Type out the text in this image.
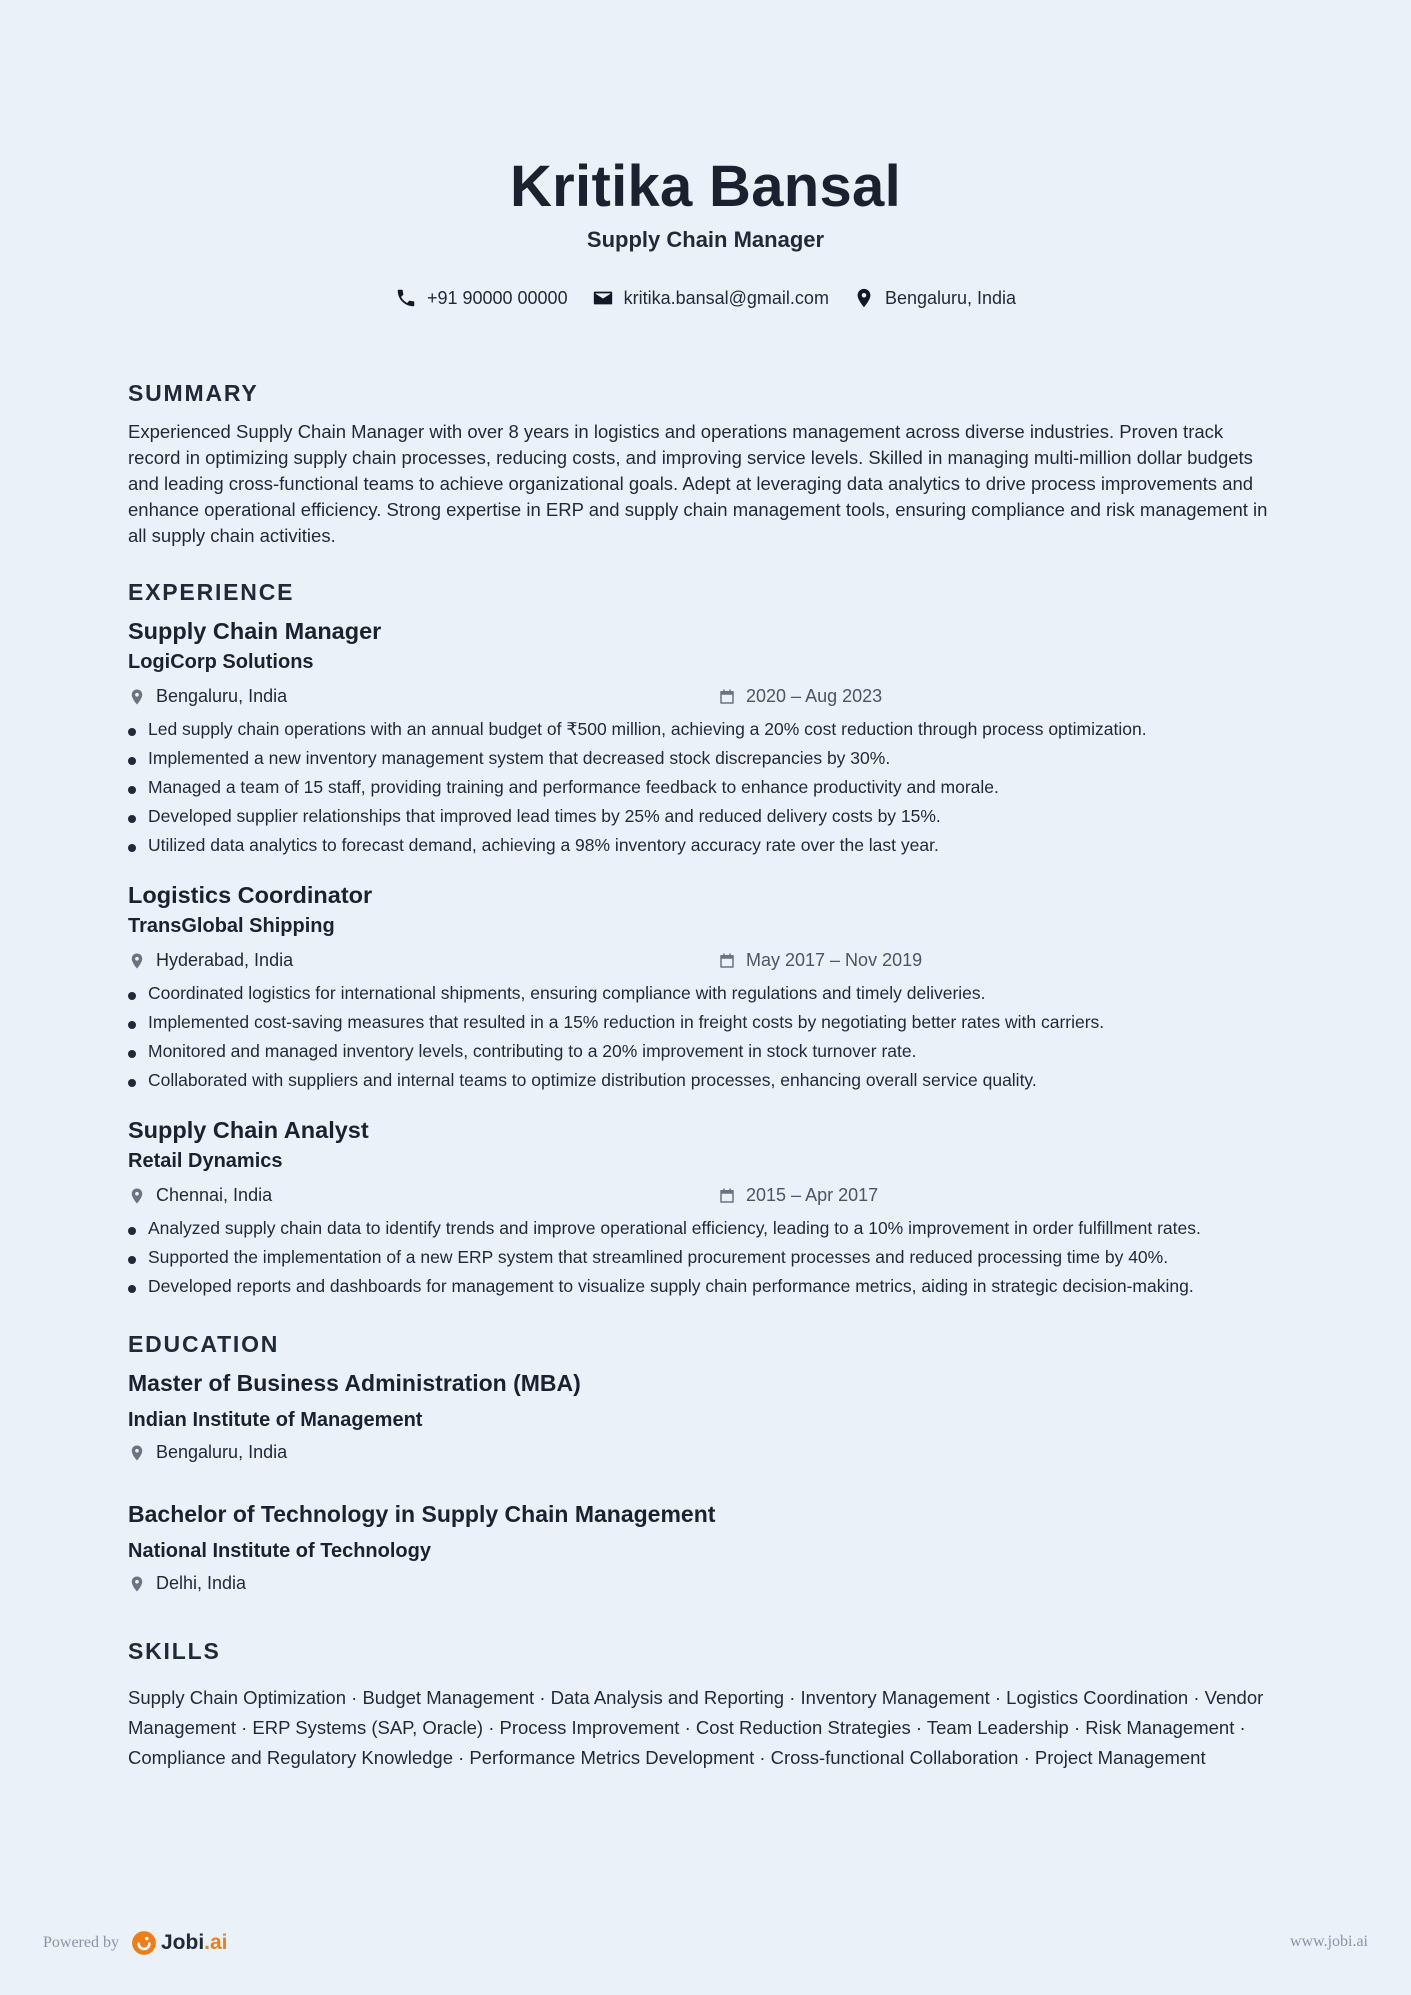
Kritika Bansal
Supply Chain Manager
+91 90000 00000	kritika.bansal@gmail.com	Bengaluru, India
SUMMARY
Experienced Supply Chain Manager with over 8 years in logistics and operations management across diverse industries. Proven track record in optimizing supply chain processes, reducing costs, and improving service levels. Skilled in managing multi-million dollar budgets and leading cross-functional teams to achieve organizational goals. Adept at leveraging data analytics to drive process improvements and enhance operational efficiency. Strong expertise in ERP and supply chain management tools, ensuring compliance and risk management in all supply chain activities.
EXPERIENCE
Supply Chain Manager
LogiCorp Solutions
Bengaluru, India	2020 – Aug 2023
Led supply chain operations with an annual budget of ₹500 million, achieving a 20% cost reduction through process optimization.
Implemented a new inventory management system that decreased stock discrepancies by 30%.
Managed a team of 15 staff, providing training and performance feedback to enhance productivity and morale.
Developed supplier relationships that improved lead times by 25% and reduced delivery costs by 15%.
Utilized data analytics to forecast demand, achieving a 98% inventory accuracy rate over the last year.
Logistics Coordinator
TransGlobal Shipping
Hyderabad, India	May 2017 – Nov 2019
Coordinated logistics for international shipments, ensuring compliance with regulations and timely deliveries.
Implemented cost-saving measures that resulted in a 15% reduction in freight costs by negotiating better rates with carriers.
Monitored and managed inventory levels, contributing to a 20% improvement in stock turnover rate.
Collaborated with suppliers and internal teams to optimize distribution processes, enhancing overall service quality.
Supply Chain Analyst
Retail Dynamics
Chennai, India	2015 – Apr 2017
Analyzed supply chain data to identify trends and improve operational efficiency, leading to a 10% improvement in order fulfillment rates.
Supported the implementation of a new ERP system that streamlined procurement processes and reduced processing time by 40%.
Developed reports and dashboards for management to visualize supply chain performance metrics, aiding in strategic decision-making.
EDUCATION
Master of Business Administration (MBA)
Indian Institute of Management
Bengaluru, India
Bachelor of Technology in Supply Chain Management
National Institute of Technology
Delhi, India
SKILLS
Supply Chain Optimization · Budget Management · Data Analysis and Reporting · Inventory Management · Logistics Coordination · Vendor Management · ERP Systems (SAP, Oracle) · Process Improvement · Cost Reduction Strategies · Team Leadership · Risk Management · Compliance and Regulatory Knowledge · Performance Metrics Development · Cross-functional Collaboration · Project Management
Powered by Jobi.ai	www.jobi.ai
